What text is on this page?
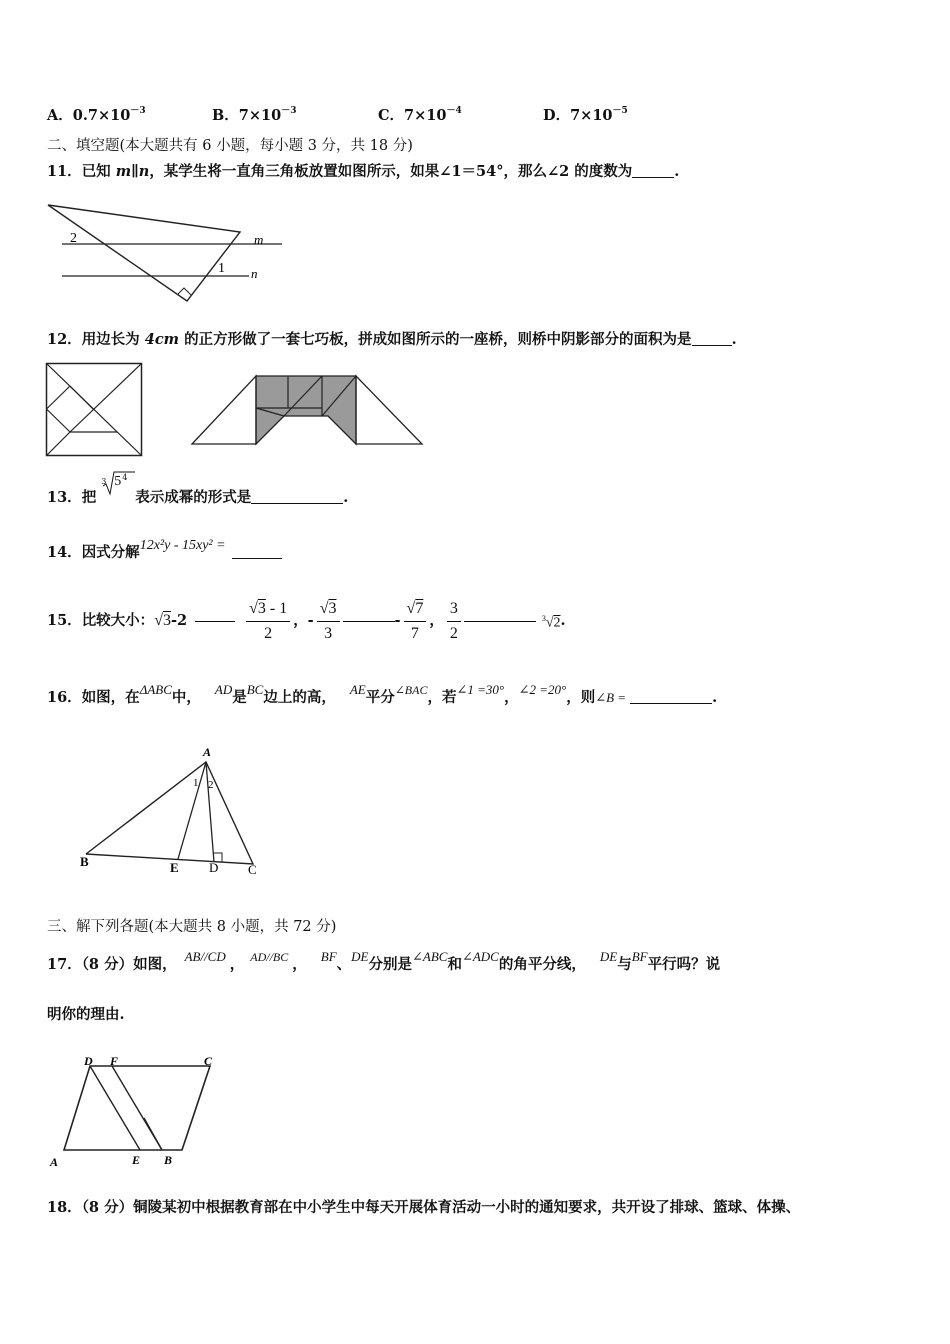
A．$0.7\times 10^{-3}$	B．$7\times 10^{-3}$	C．$7\times 10^{-4}$	D．$7\times 10^{-5}$
二、填空题(本大题共有 6 小题，每小题 3 分，共 18 分)
11．已知 m∥n，某学生将一直角三角板放置如图所示，如果∠1＝54°，那么∠2 的度数为	.
2	m
1 n
12．用边长为 4cm 的正方形做了一套七巧板，拼成如图所示的一座桥，则桥中阴影部分的面积为是	.
13．把
3 5 4
表示成幂的形式是	.
14．因式分解12x²y - 15xy² =
15． 比较大小： √3 -2	$\frac{√3 - 1}{2}$ ，- $\frac{√3}{3}$	- $\frac{√7}{7}$ ， $\frac{3}{2}$	$^3$√2 .
16．如图，在ΔABC中， AD是BC边上的高， AE平分$^{\angle BAC}$，若∠1 =30°，∠2 =20°，则∠B =	.
A
B	E D C
1 2
三、解下列各题(本大题共 8 小题，共 72 分)
17．（8 分）如图， AB//CD ， $^{AD//BC}$ ， BF、DE分别是∠ABC和∠ADC的角平分线， DE与BF平行吗？说
明你的理由.
D F	C
A	E B
18．（8 分）铜陵某初中根据教育部在中小学生中每天开展体育活动一小时的通知要求，共开设了排球、篮球、体操、
